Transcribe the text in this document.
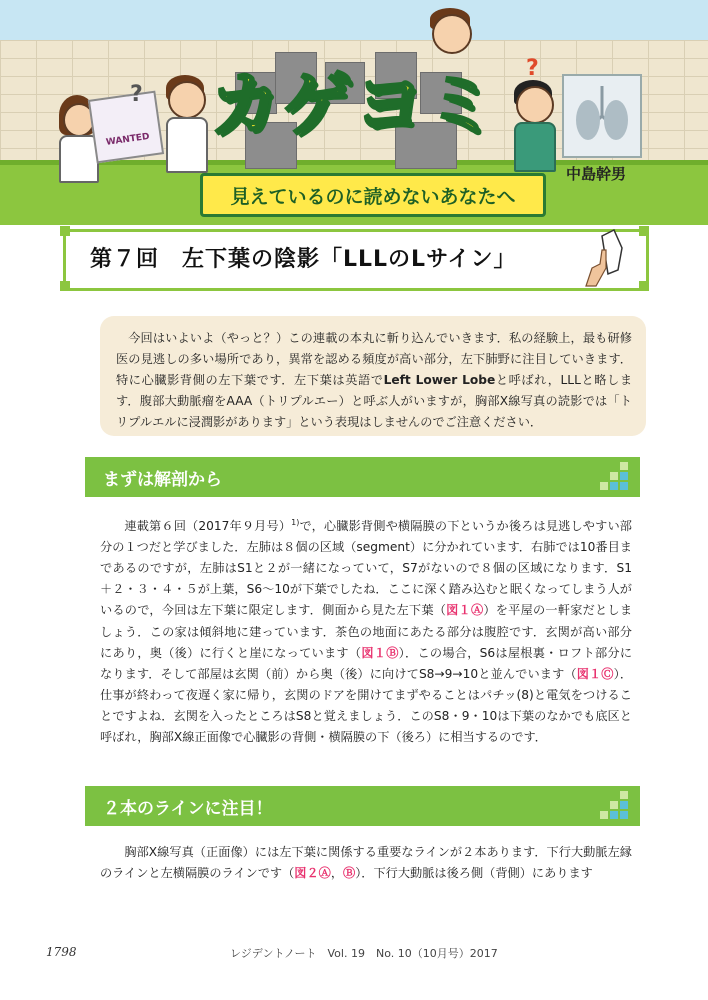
カゲヨミ
WANTED
?
?
中島幹男
見えているのに読めないあなたへ
第７回　左下葉の陰影「LLLのLサイン」

今回はいよいよ（やっと？）この連載の本丸に斬り込んでいきます．私の経験上，最も研修医の見逃しの多い場所であり，異常を認める頻度が高い部分，左下肺野に注目していきます．特に心臓影背側の左下葉です．左下葉は英語でLeft Lower Lobeと呼ばれ，LLLと略します．腹部大動脈瘤をAAA（トリプルエー）と呼ぶ人がいますが，胸部X線写真の読影では「トリプルエルに浸潤影があります」という表現はしませんのでご注意ください．

まずは解剖から

連載第６回（2017年９月号）$^{1)}$で，心臓影背側や横隔膜の下というか後ろは見逃しやすい部分の１つだと学びました．左肺は８個の区域（segment）に分かれています．右肺では10番目まであるのですが，左肺はS1と２が一緒になっていて，S7がないので８個の区域になります．S1＋２・３・４・５が上葉，S6〜10が下葉でしたね．ここに深く踏み込むと眠くなってしまう人がいるので，今回は左下葉に限定します．側面から見た左下葉（図１Ⓐ）を平屋の一軒家だとしましょう．この家は傾斜地に建っています．茶色の地面にあたる部分は腹腔です．玄関が高い部分にあり，奥（後）に行くと崖になっています（図１Ⓑ）．この場合，S6は屋根裏・ロフト部分になります．そして部屋は玄関（前）から奥（後）に向けてS8→9→10と並んでいます（図１Ⓒ）．仕事が終わって夜遅く家に帰り，玄関のドアを開けてまずやることはパチッ(8)と電気をつけることですよね．玄関を入ったところはS8と覚えましょう．このS8・9・10は下葉のなかでも底区と呼ばれ，胸部X線正面像で心臓影の背側・横隔膜の下（後ろ）に相当するのです．

２本のラインに注目！

胸部X線写真（正面像）には左下葉に関係する重要なラインが２本あります．下行大動脈左縁のラインと左横隔膜のラインです（図２Ⓐ，Ⓑ）．下行大動脈は後ろ側（背側）にあります

1798	レジデントノート　Vol. 19　No. 10（10月号）2017
